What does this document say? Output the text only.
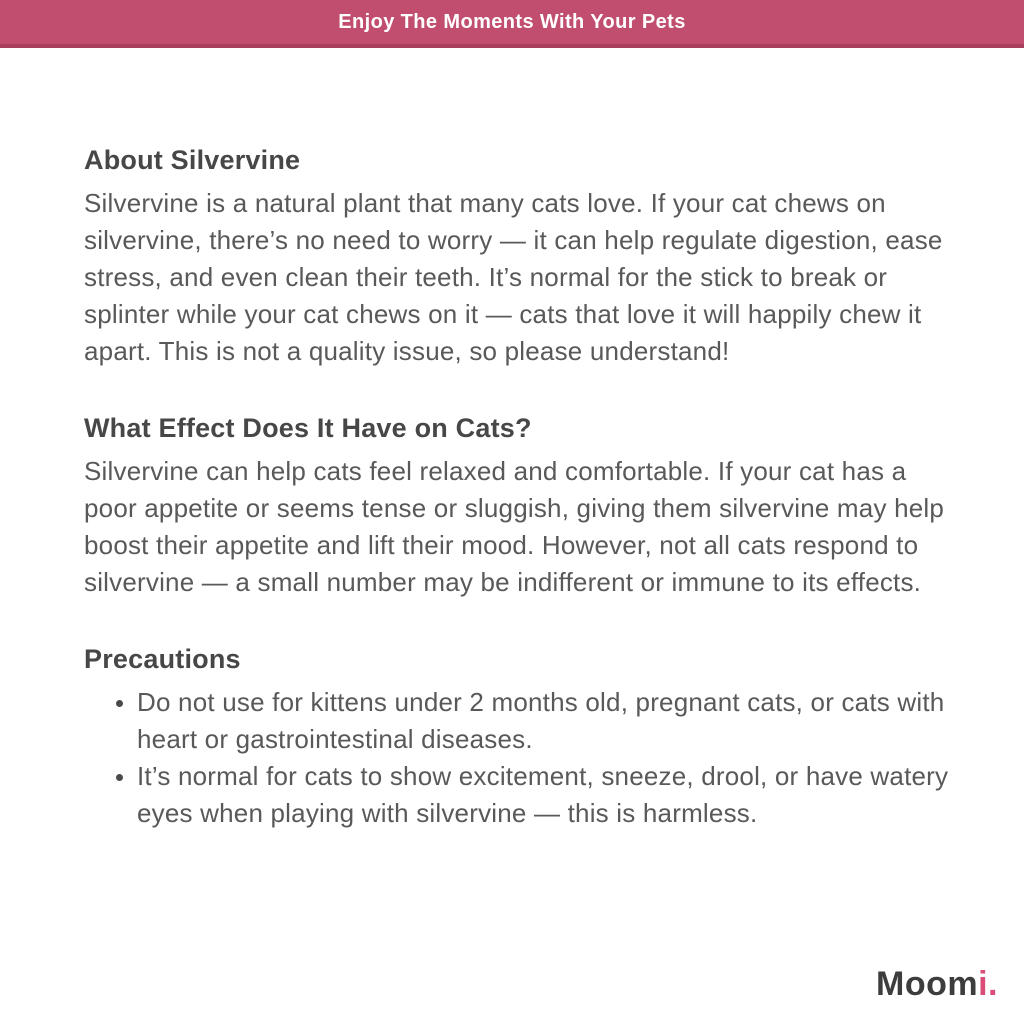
Enjoy The Moments With Your Pets
About Silvervine

Silvervine is a natural plant that many cats love. If your cat chews on silvervine, there’s no need to worry — it can help regulate digestion, ease stress, and even clean their teeth. It’s normal for the stick to break or splinter while your cat chews on it — cats that love it will happily chew it apart. This is not a quality issue, so please understand!

What Effect Does It Have on Cats?

Silvervine can help cats feel relaxed and comfortable. If your cat has a poor appetite or seems tense or sluggish, giving them silvervine may help boost their appetite and lift their mood. However, not all cats respond to silvervine — a small number may be indifferent or immune to its effects.

Precautions
• Do not use for kittens under 2 months old, pregnant cats, or cats with heart or gastrointestinal diseases.
• It’s normal for cats to show excitement, sneeze, drool, or have watery eyes when playing with silvervine — this is harmless.
Moomi.
